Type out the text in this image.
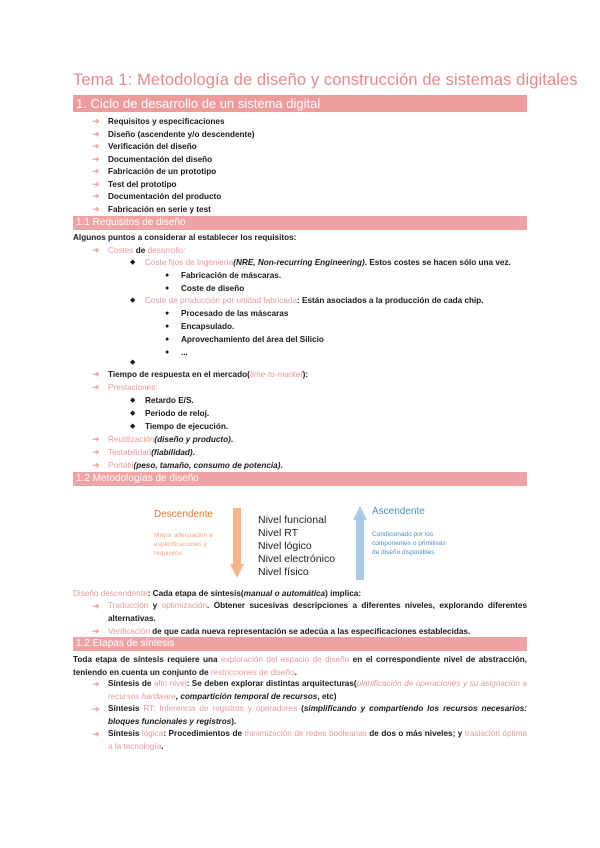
Tema 1: Metodología de diseño y construcción de sistemas digitales
1. Ciclo de desarrollo de un sistema digital
➔ Requisitos y especificaciones
➔ Diseño (ascendente y/o descendente)
➔ Verificación del diseño
➔ Documentación del diseño
➔ Fabricación de un prototipo
➔ Test del prototipo
➔ Documentación del producto
➔ Fabricación en serie y test
1.1 Requisitos de diseño
Algunos puntos a considerar al establecer los requisitos:
➔ Costes de desarrollo:
◆ Coste fijos de Ingeniería(NRE, Non-recurring Engineering). Estos costes se hacen sólo una vez.
● Fabricación de máscaras.
● Coste de diseño
◆ Coste de producción por unidad fabricada: Están asociados a la producción de cada chip.
● Procesado de las máscaras
● Encapsulado.
● Aprovechamiento del área del Silicio
● ...
◆
➔ Tiempo de respuesta en el mercado(time-to-market):
➔ Prestaciones:
◆ Retardo E/S.
◆ Periodo de reloj.
◆ Tiempo de ejecución.
➔ Reutilización(diseño y producto).
➔ Testabilidad(fiabilidad).
➔ Portátil(peso, tamaño, consumo de potencia).
1.2 Metodologías de diseño
Descendente
Mayor adecuación a especificaciones y requisitos
Nivel funcional
Nivel RT
Nivel lógico
Nivel electrónico
Nivel físico
Ascendente
Condicionado por los componentes o primitivas de diseño disponibles
Diseño descendente: Cada etapa de síntesis(manual o automática) implica:
➔ Traducción y optimización. Obtener sucesivas descripciones a diferentes niveles, explorando diferentes alternativas.
➔ Verificación de que cada nueva representación se adecúa a las especificaciones establecidas.
1.2 Etapas de síntesis
Toda etapa de síntesis requiere una exploración del espacio de diseño en el correspondiente nivel de abstracción, teniendo en cuenta un conjunto de restricciones de diseño.
➔ Síntesis de alto nivel: Se deben explorar distintas arquitecturas(planificación de operaciones y su asignación a recursos hardware, compartición temporal de recursos, etc)
➔ Síntesis RT: Inferencia de registros y operadores (simplificando y compartiendo los recursos necesarios: bloques funcionales y registros).
➔ Síntesis lógica: Procedimientos de minimización de redes booleanas de dos o más niveles; y traslación óptima a la tecnología.
